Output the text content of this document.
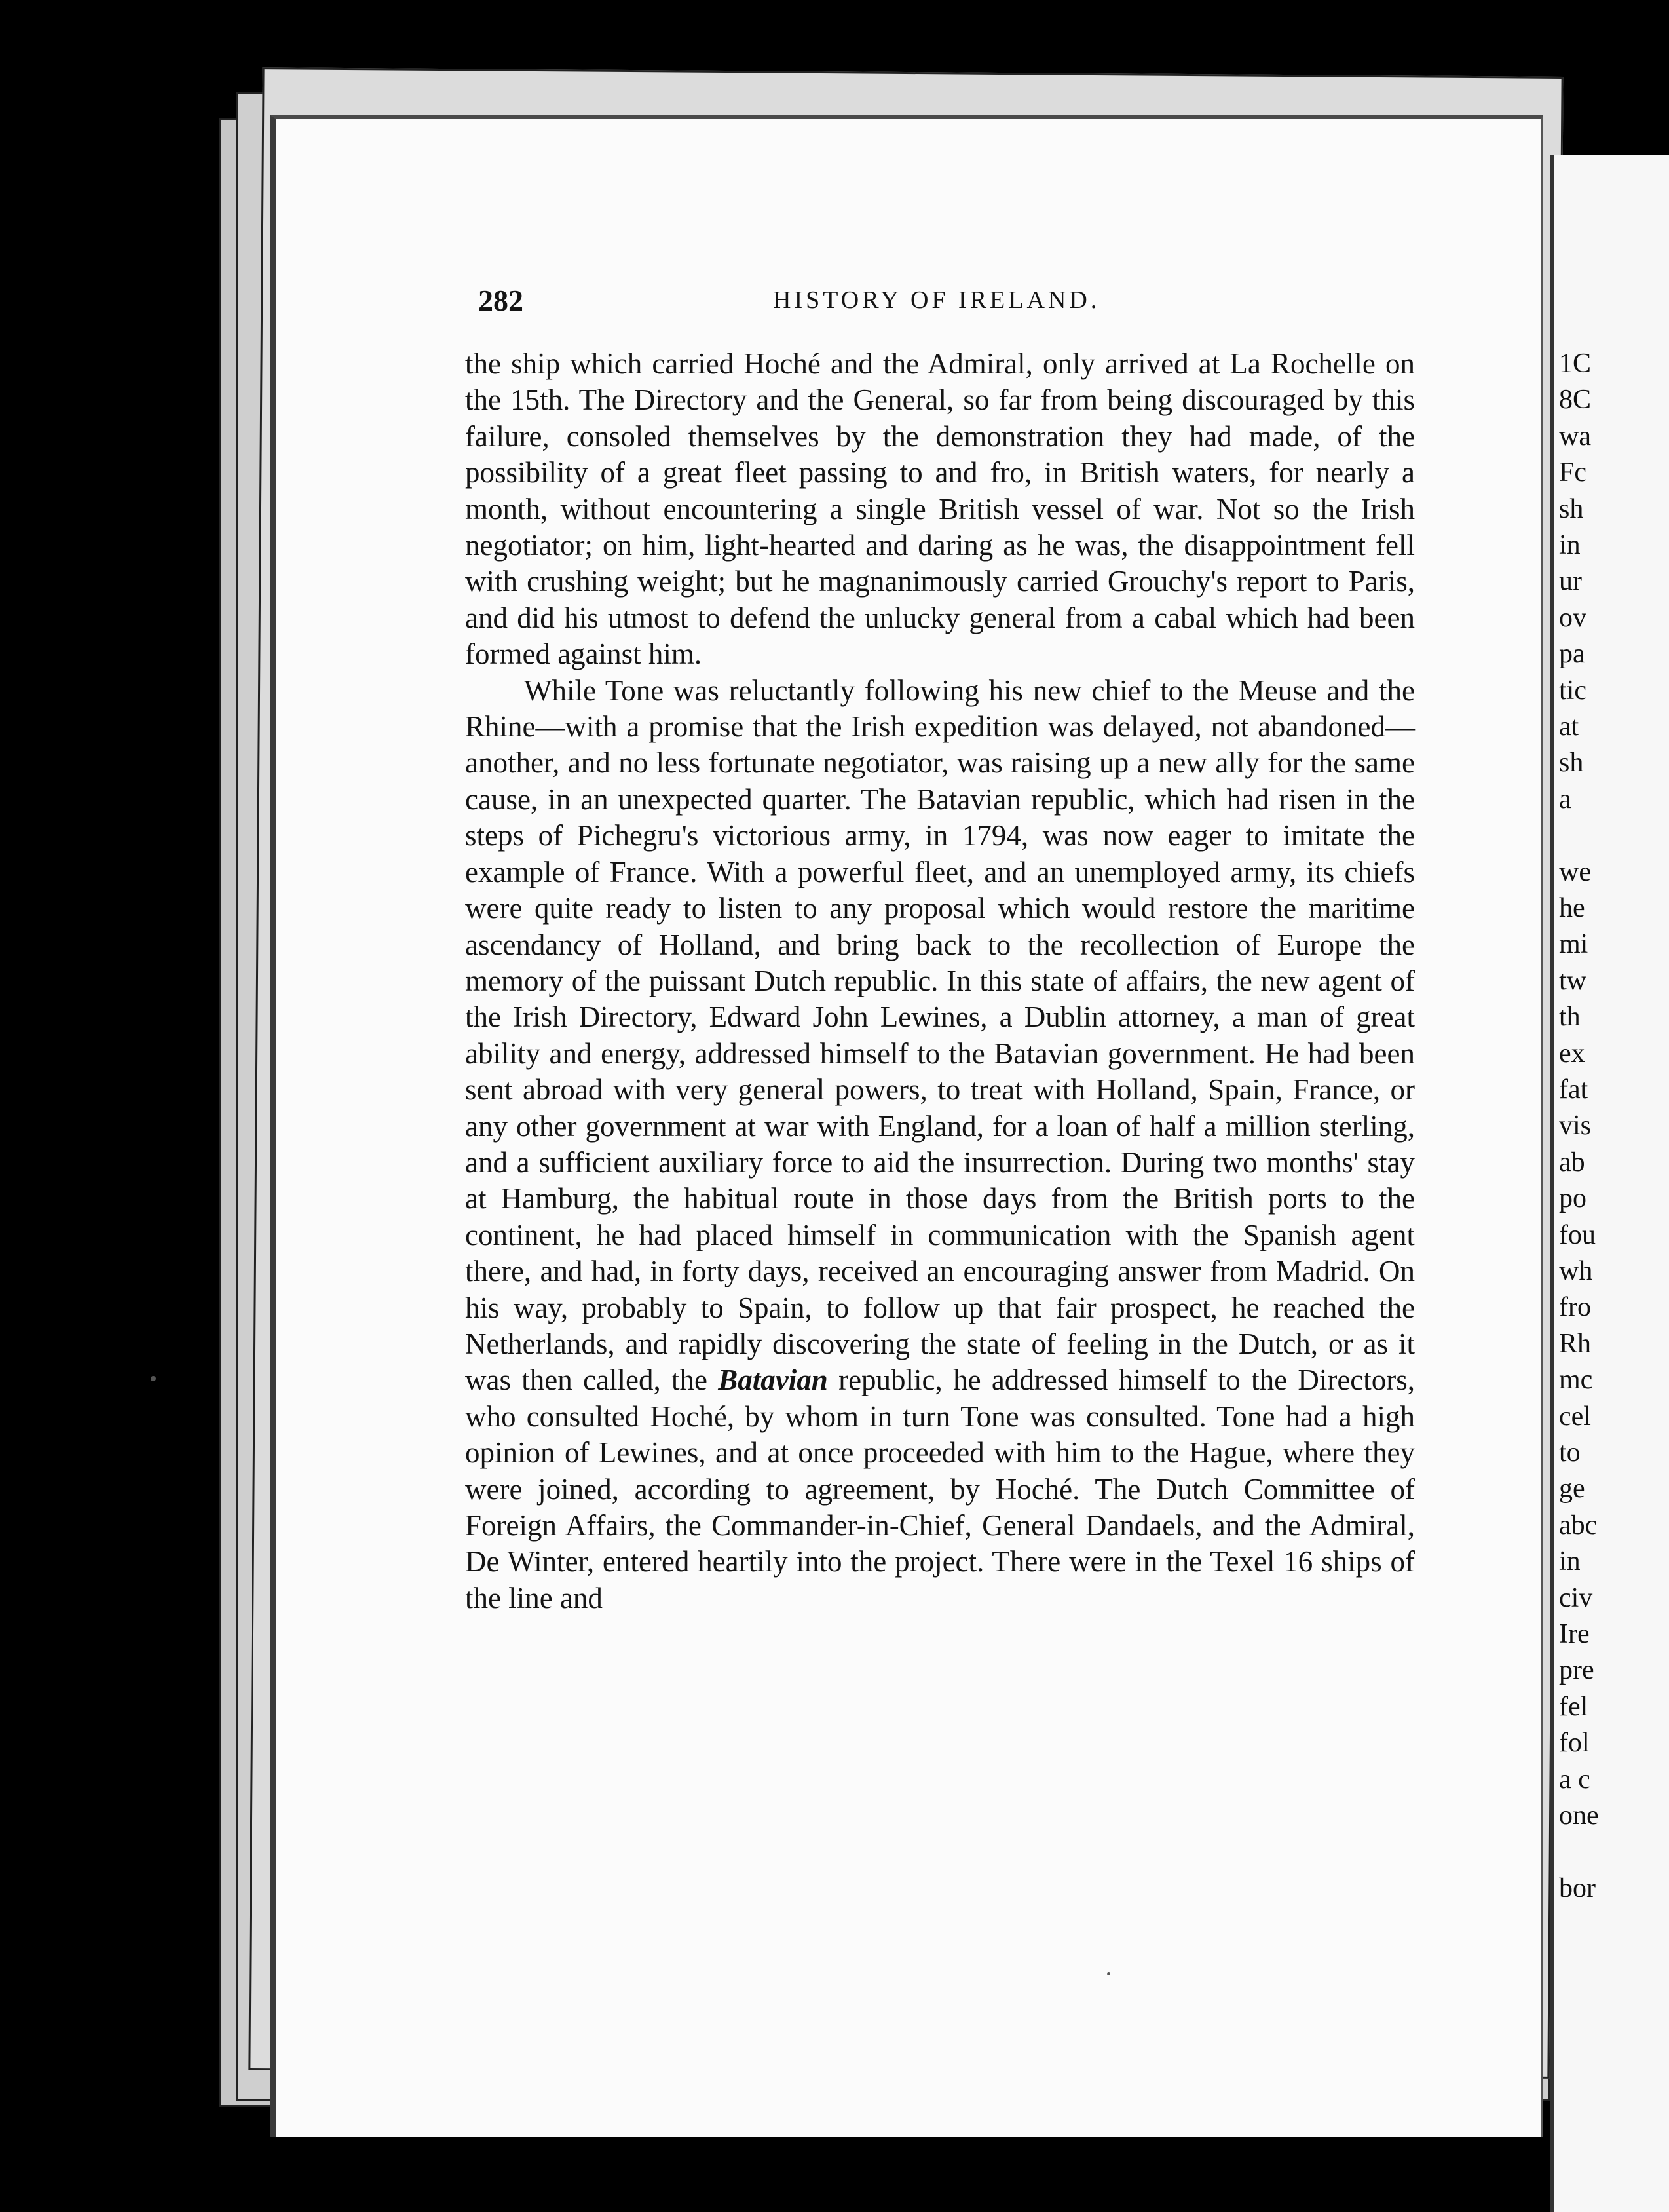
282	HISTORY OF IRELAND.

the ship which carried Hoché and the Admiral, only arrived at La Rochelle on the 15th. The Directory and the General, so far from being discouraged by this failure, consoled themselves by the demonstration they had made, of the possibility of a great fleet passing to and fro, in British waters, for nearly a month, without encountering a single British vessel of war. Not so the Irish negotiator; on him, light-hearted and daring as he was, the disappointment fell with crushing weight; but he magnanimously carried Grouchy's report to Paris, and did his utmost to defend the unlucky general from a cabal which had been formed against him.

While Tone was reluctantly following his new chief to the Meuse and the Rhine—with a promise that the Irish expedition was delayed, not abandoned—another, and no less fortunate negotiator, was raising up a new ally for the same cause, in an unexpected quarter. The Batavian republic, which had risen in the steps of Pichegru's victorious army, in 1794, was now eager to imitate the example of France. With a powerful fleet, and an unemployed army, its chiefs were quite ready to listen to any proposal which would restore the maritime ascendancy of Holland, and bring back to the recollection of Europe the memory of the puissant Dutch republic. In this state of affairs, the new agent of the Irish Directory, Edward John Lewines, a Dublin attorney, a man of great ability and energy, addressed himself to the Batavian government. He had been sent abroad with very general powers, to treat with Holland, Spain, France, or any other government at war with England, for a loan of half a million sterling, and a sufficient auxiliary force to aid the insurrection. During two months' stay at Hamburg, the habitual route in those days from the British ports to the continent, he had placed himself in communication with the Spanish agent there, and had, in forty days, received an encouraging answer from Madrid. On his way, probably to Spain, to follow up that fair prospect, he reached the Netherlands, and rapidly discovering the state of feeling in the Dutch, or as it was then called, the Batavian republic, he addressed himself to the Directors, who consulted Hoché, by whom in turn Tone was consulted. Tone had a high opinion of Lewines, and at once proceeded with him to the Hague, where they were joined, according to agreement, by Hoché. The Dutch Committee of Foreign Affairs, the Commander-in-Chief, General Dandaels, and the Admiral, De Winter, entered heartily into the project. There were in the Texel 16 ships of the line and

1C
8C
wa
Fc
sh
in
ur
ov
pa
tic
at
sh
a
we
he
mi
tw
th
ex
fat
vis
ab
po
fou
wh
fro
Rh
mc
cel
to
ge
abc
in
civ
Ire
pre
fel
fol
a c
one
bor
